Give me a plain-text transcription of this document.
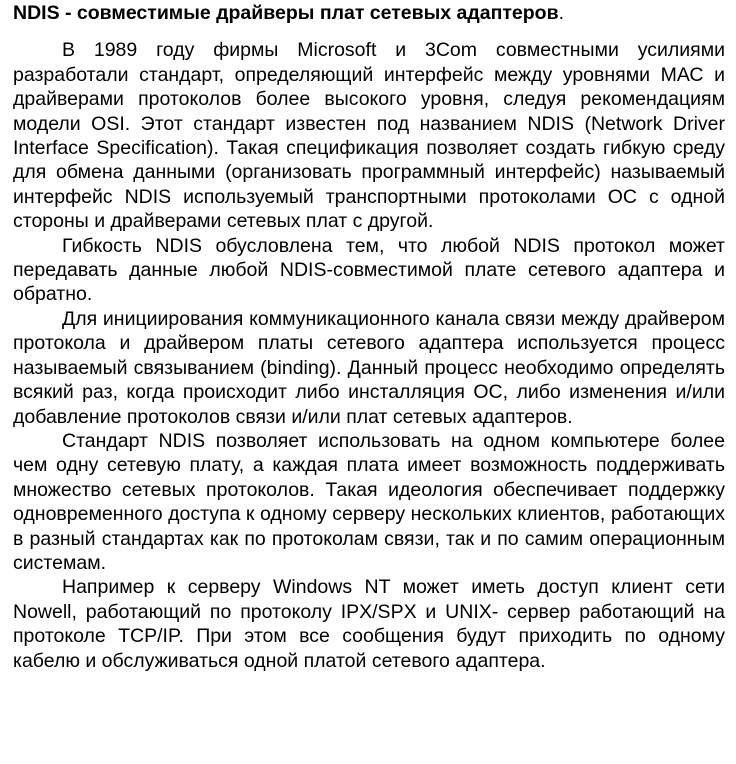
NDIS - совместимые драйверы плат сетевых адаптеров.

В 1989 году фирмы Microsoft и 3Com совместными усилиями разработали стандарт, определяющий интерфейс между уровнями МАС и драйверами протоколов более высокого уровня, следуя рекомендациям модели OSI. Этот стандарт известен под названием NDIS (Network Driver Interface Specification). Такая спецификация позволяет создать гибкую среду для обмена данными (организовать программный интерфейс) называемый интерфейс NDIS используемый транспортными протоколами ОС с одной стороны и драйверами сетевых плат с другой.

Гибкость NDIS обусловлена тем, что любой NDIS протокол может передавать данные любой NDIS-совместимой плате сетевого адаптера и обратно.

Для инициирования коммуникационного канала связи между драйвером протокола и драйвером платы сетевого адаптера используется процесс называемый связыванием (binding). Данный процесс необходимо определять всякий раз, когда происходит либо инсталляция ОС, либо изменения и/или добавление протоколов связи и/или плат сетевых адаптеров.

Стандарт NDIS позволяет использовать на одном компьютере более чем одну сетевую плату, а каждая плата имеет возможность поддерживать множество сетевых протоколов. Такая идеология обеспечивает поддержку одновременного доступа к одному серверу нескольких клиентов, работающих в разный стандартах как по протоколам связи, так и по самим операционным системам.

Например к серверу Windows NT может иметь доступ клиент сети Nowell, работающий по протоколу IPX/SPX и UNIX- сервер работающий на протоколе TCP/IP. При этом все сообщения будут приходить по одному кабелю и обслуживаться одной платой сетевого адаптера.
